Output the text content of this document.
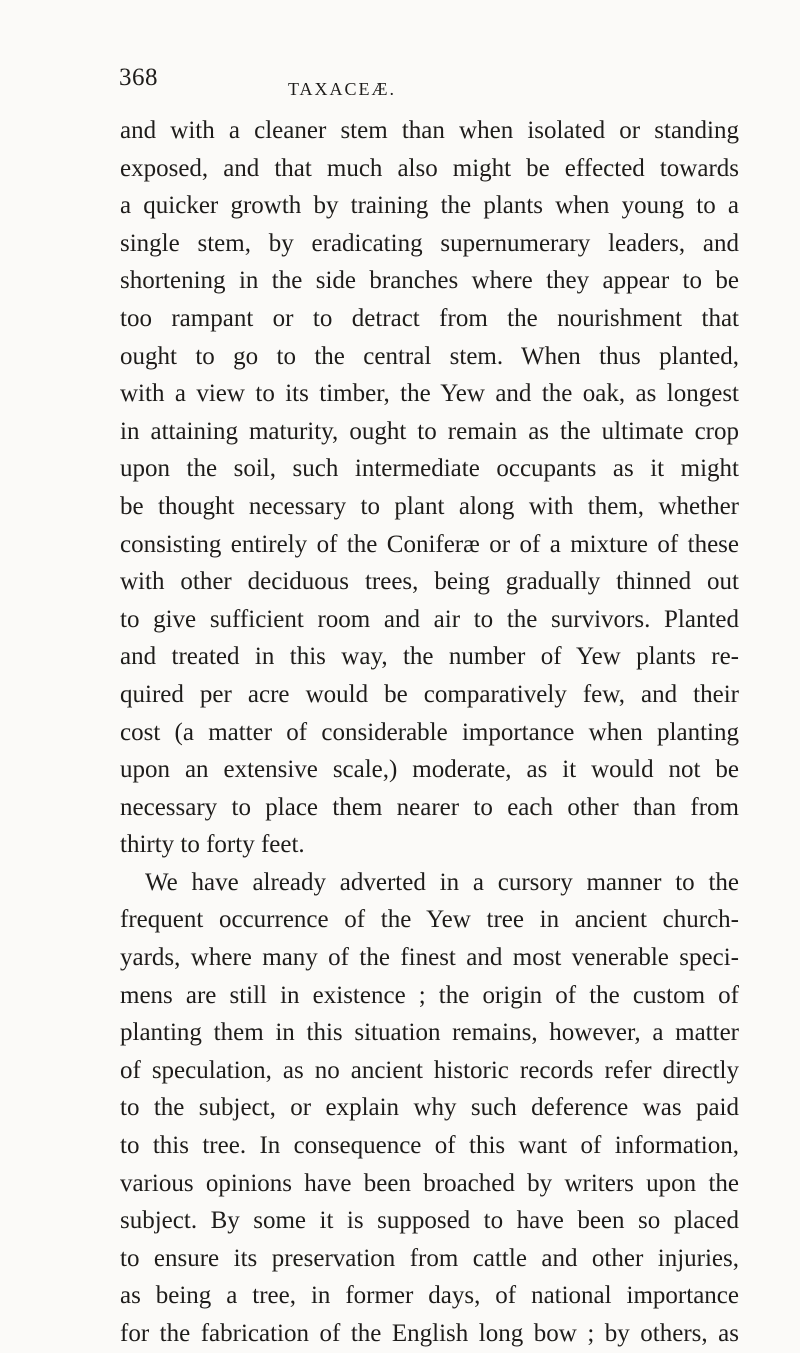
368	TAXACEÆ.
and with a cleaner stem than when isolated or standing
exposed, and that much also might be effected towards
a quicker growth by training the plants when young to a
single stem, by eradicating supernumerary leaders, and
shortening in the side branches where they appear to be
too rampant or to detract from the nourishment that
ought to go to the central stem. When thus planted,
with a view to its timber, the Yew and the oak, as longest
in attaining maturity, ought to remain as the ultimate crop
upon the soil, such intermediate occupants as it might
be thought necessary to plant along with them, whether
consisting entirely of the Coniferæ or of a mixture of these
with other deciduous trees, being gradually thinned out
to give sufficient room and air to the survivors. Planted
and treated in this way, the number of Yew plants re-
quired per acre would be comparatively few, and their
cost (a matter of considerable importance when planting
upon an extensive scale,) moderate, as it would not be
necessary to place them nearer to each other than from
thirty to forty feet.
We have already adverted in a cursory manner to the
frequent occurrence of the Yew tree in ancient church-
yards, where many of the finest and most venerable speci-
mens are still in existence ; the origin of the custom of
planting them in this situation remains, however, a matter
of speculation, as no ancient historic records refer directly
to the subject, or explain why such deference was paid
to this tree. In consequence of this want of information,
various opinions have been broached by writers upon the
subject. By some it is supposed to have been so placed
to ensure its preservation from cattle and other injuries,
as being a tree, in former days, of national importance
for the fabrication of the English long bow ; by others, as
